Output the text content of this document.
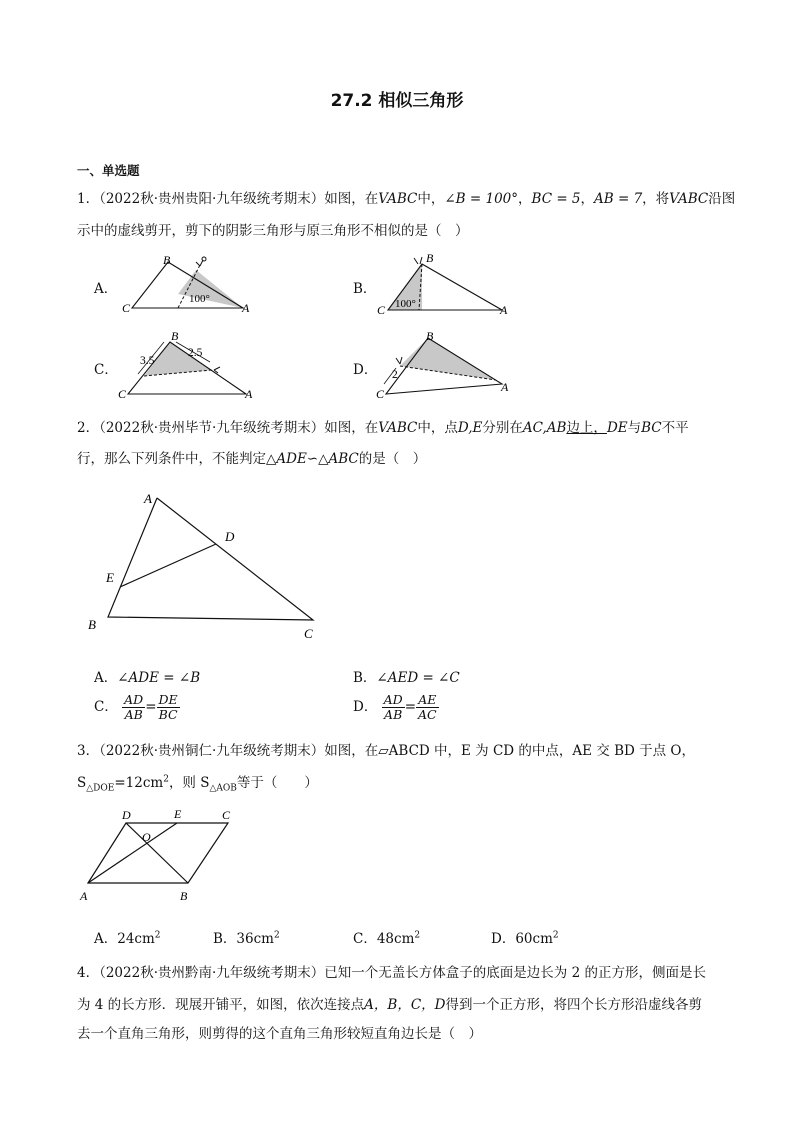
27.2 相似三角形
一、单选题
1．（2022秋·贵州贵阳·九年级统考期末）如图，在VABC中，∠B = 100°，BC = 5，AB = 7，将VABC沿图
示中的虚线剪开，剪下的阴影三角形与原三角形不相似的是（　）
A．	B．
C．	D．
B
C	A
100°
B
C	A
100°
B
C	A
3.5
2.5
B
C	A
2
2．（2022秋·贵州毕节·九年级统考期末）如图，在VABC中，点D,E分别在AC,AB边上，DE与BC不平
行，那么下列条件中，不能判定△ADE∽△ABC的是（　）
A
B
C
D
E
A．∠ADE = ∠B	B．∠AED = ∠C
C． $\frac{AD}{AB} = \frac{DE}{BC}$	D． $\frac{AD}{AB} = \frac{AE}{AC}$
3．（2022秋·贵州铜仁·九年级统考期末）如图，在▱ABCD 中，E 为 CD 的中点，AE 交 BD 于点 O，
$S_{\triangle DOE}=12cm^2$，则 $S_{\triangle AOB}$等于（　　）
A	B
C
D	E
O
A．$24cm^2$	B．$36cm^2$	C．$48cm^2$	D．$60cm^2$
4．（2022秋·贵州黔南·九年级统考期末）已知一个无盖长方体盒子的底面是边长为 2 的正方形，侧面是长
为 4 的长方形．现展开铺平，如图，依次连接点A，B，C，D得到一个正方形，将四个长方形沿虚线各剪
去一个直角三角形，则剪得的这个直角三角形较短直角边长是（　）
